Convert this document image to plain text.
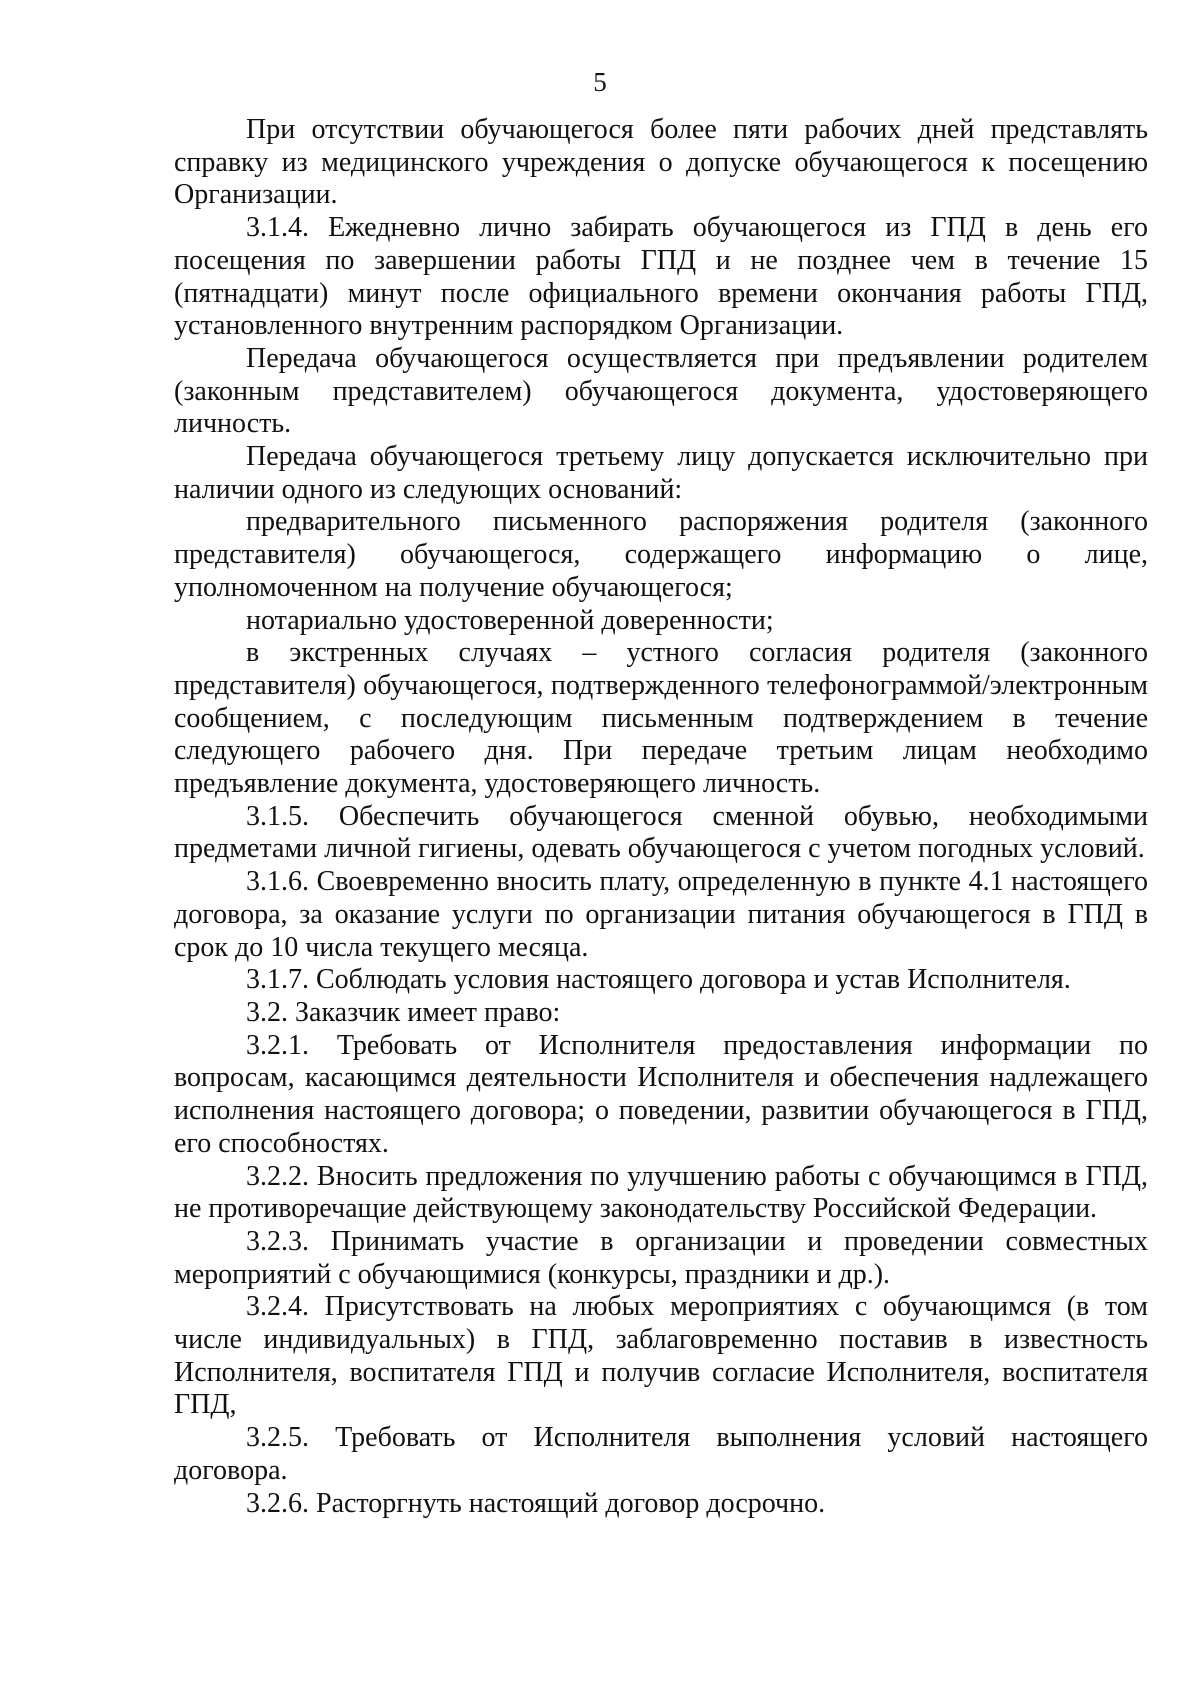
5

При отсутствии обучающегося более пяти рабочих дней представлять справку из медицинского учреждения о допуске обучающегося к посещению Организации.

3.1.4. Ежедневно лично забирать обучающегося из ГПД в день его посещения по завершении работы ГПД и не позднее чем в течение 15 (пятнадцати) минут после официального времени окончания работы ГПД, установленного внутренним распорядком Организации.

Передача обучающегося осуществляется при предъявлении родителем (законным представителем) обучающегося документа, удостоверяющего личность.

Передача обучающегося третьему лицу допускается исключительно при наличии одного из следующих оснований:

предварительного письменного распоряжения родителя (законного представителя) обучающегося, содержащего информацию о лице, уполномоченном на получение обучающегося;

нотариально удостоверенной доверенности;

в экстренных случаях – устного согласия родителя (законного представителя) обучающегося, подтвержденного телефонограммой/электронным сообщением, с последующим письменным подтверждением в течение следующего рабочего дня. При передаче третьим лицам необходимо предъявление документа, удостоверяющего личность.

3.1.5. Обеспечить обучающегося сменной обувью, необходимыми предметами личной гигиены, одевать обучающегося с учетом погодных условий.

3.1.6. Своевременно вносить плату, определенную в пункте 4.1 настоящего договора, за оказание услуги по организации питания обучающегося в ГПД в срок до 10 числа текущего месяца.

3.1.7. Соблюдать условия настоящего договора и устав Исполнителя.

3.2. Заказчик имеет право:

3.2.1. Требовать от Исполнителя предоставления информации по вопросам, касающимся деятельности Исполнителя и обеспечения надлежащего исполнения настоящего договора; о поведении, развитии обучающегося в ГПД, его способностях.

3.2.2. Вносить предложения по улучшению работы с обучающимся в ГПД, не противоречащие действующему законодательству Российской Федерации.

3.2.3. Принимать участие в организации и проведении совместных мероприятий с обучающимися (конкурсы, праздники и др.).

3.2.4. Присутствовать на любых мероприятиях с обучающимся (в том числе индивидуальных) в ГПД, заблаговременно поставив в известность Исполнителя, воспитателя ГПД и получив согласие Исполнителя, воспитателя ГПД,

3.2.5. Требовать от Исполнителя выполнения условий настоящего договора.

3.2.6. Расторгнуть настоящий договор досрочно.
